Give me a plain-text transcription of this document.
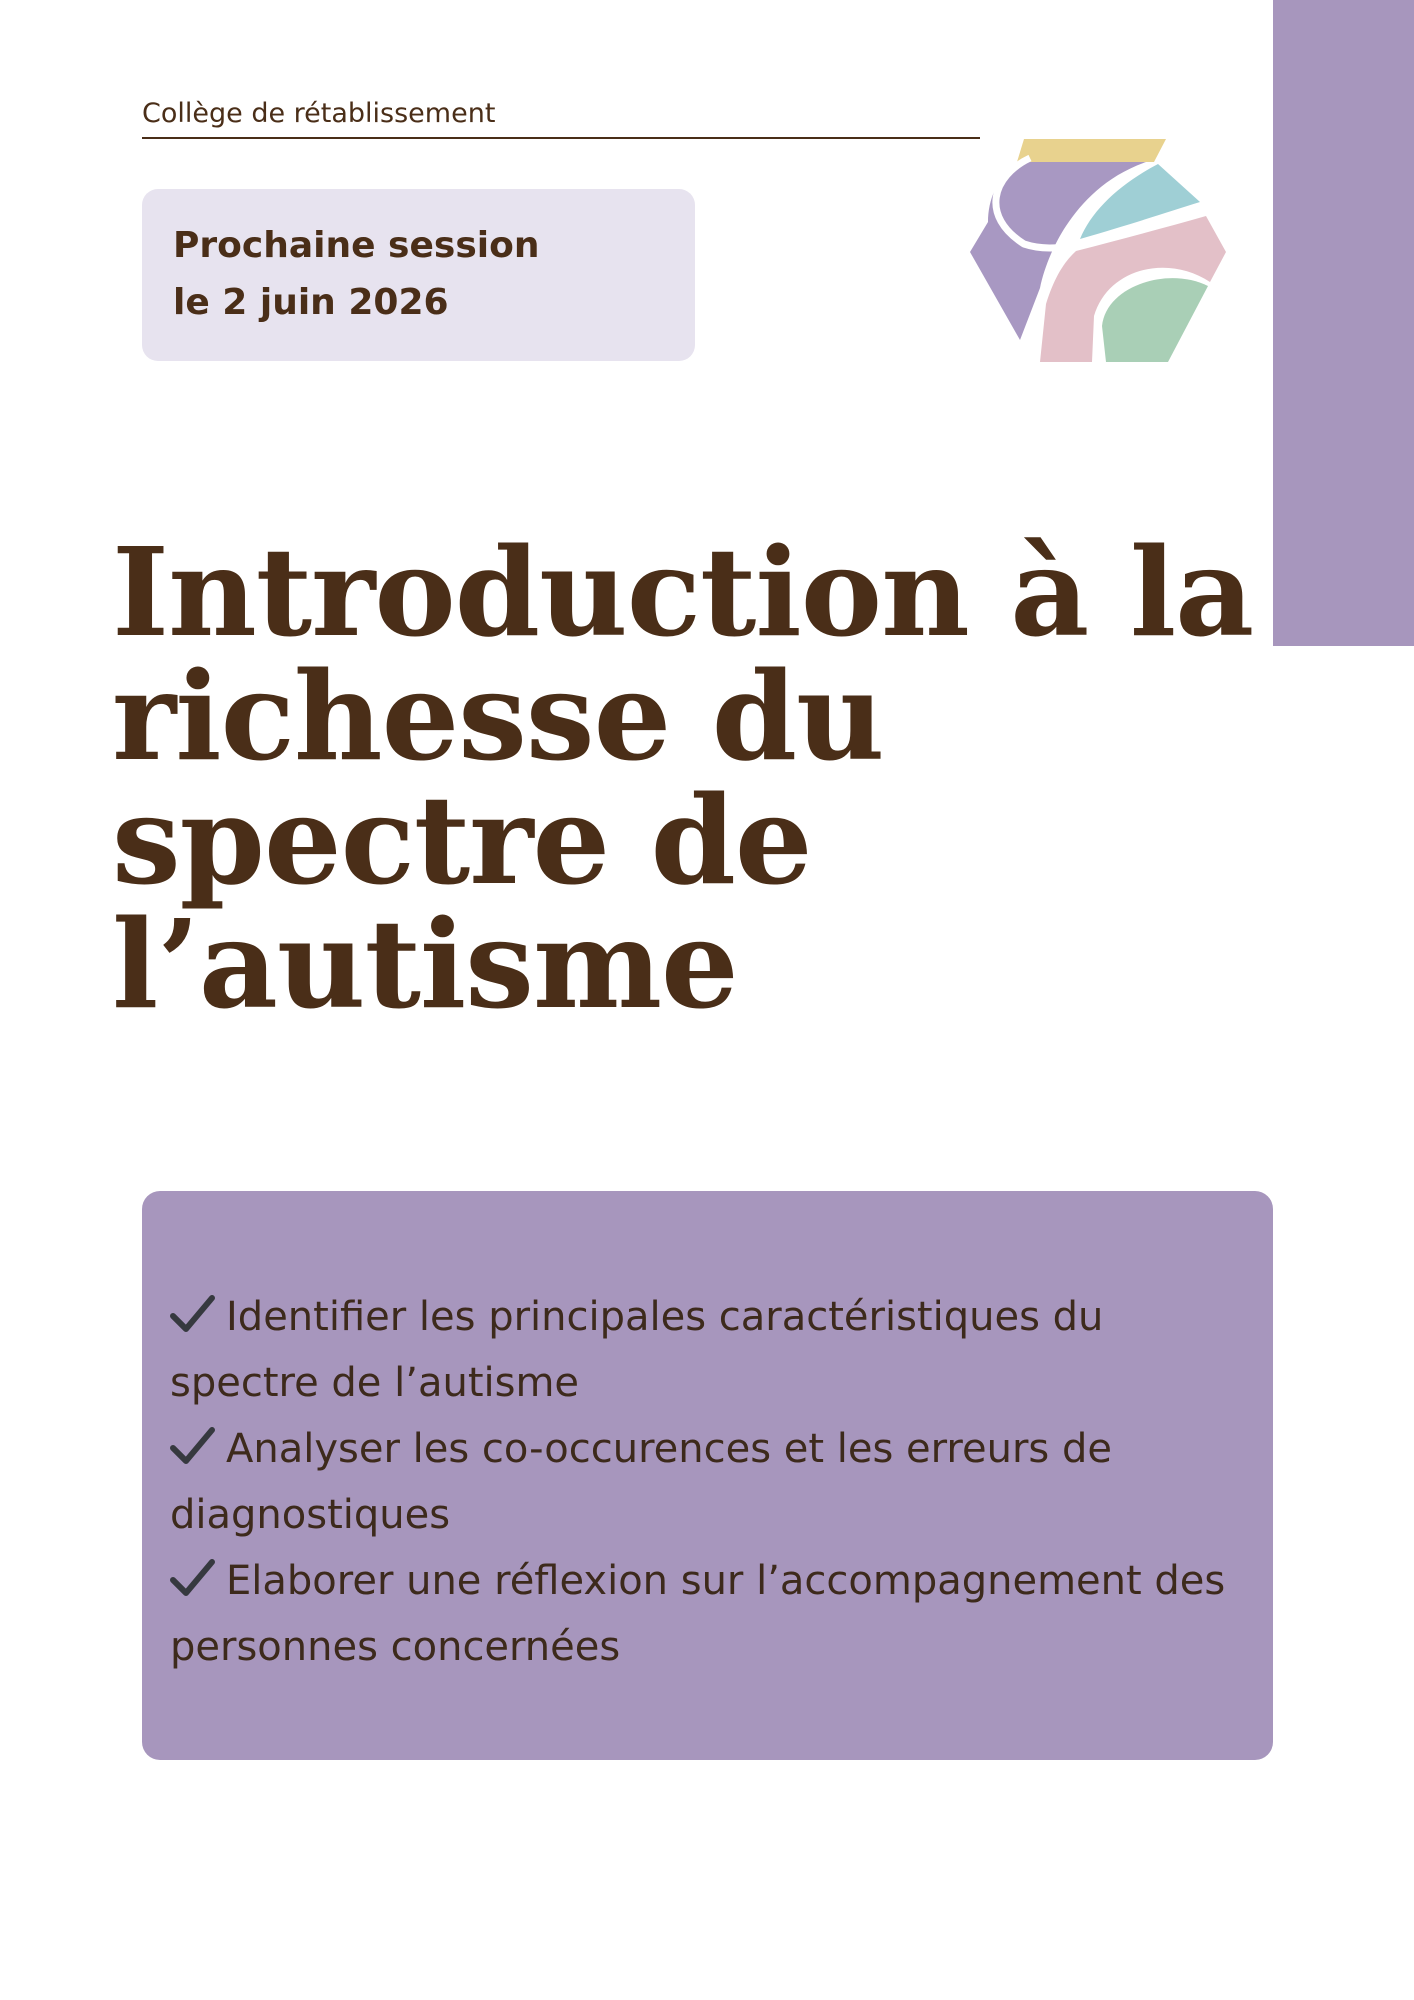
Collège de rétablissement
Prochaine session
le 2 juin 2026
Introduction à la
richesse du
spectre de
l’autisme
Identifier les principales caractéristiques du spectre de l’autisme
Analyser les co-occurences et les erreurs de diagnostiques
Elaborer une réflexion sur l’accompagnement des personnes concernées
